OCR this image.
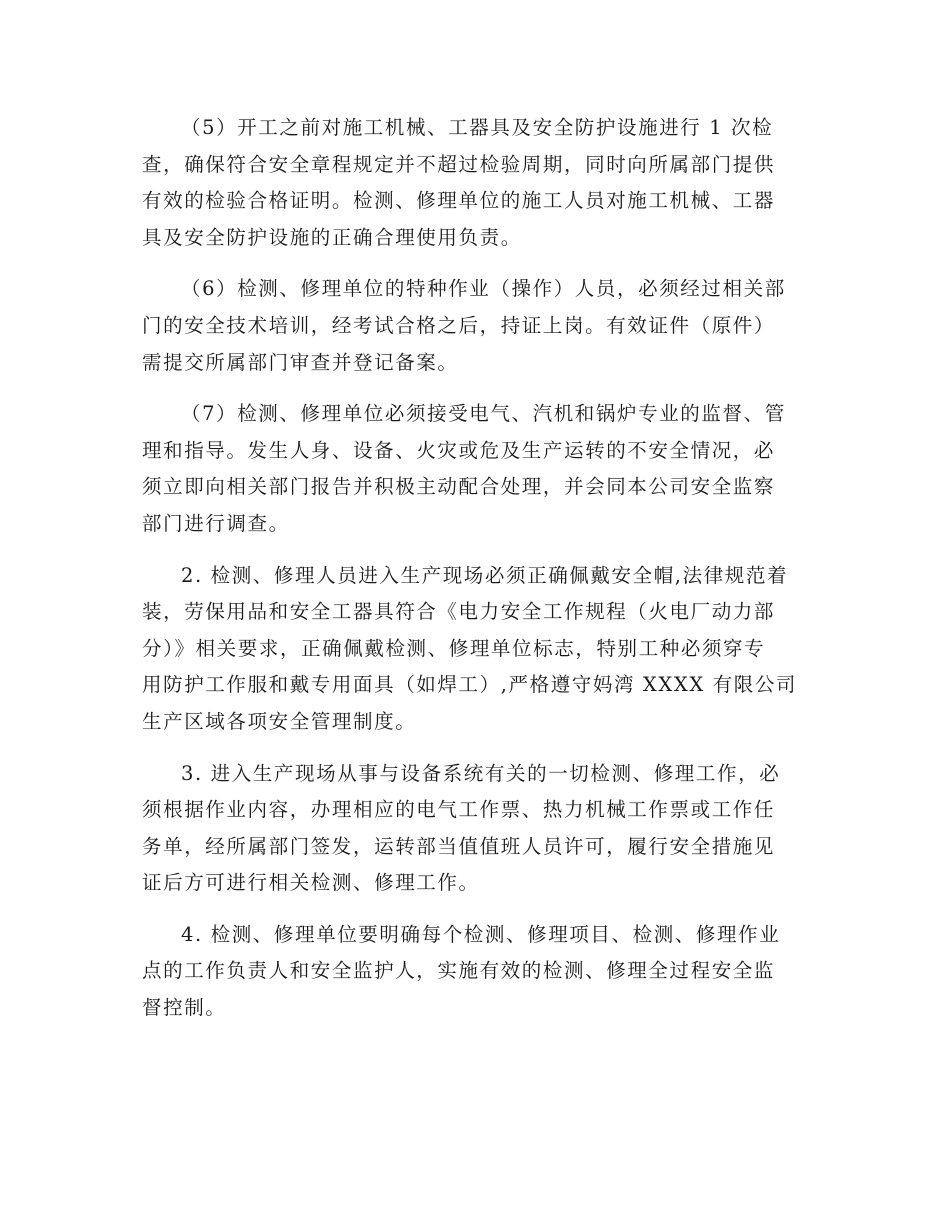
（5）开工之前对施工机械、工器具及安全防护设施进行 1 次检
查，确保符合安全章程规定并不超过检验周期，同时向所属部门提供
有效的检验合格证明。检测、修理单位的施工人员对施工机械、工器
具及安全防护设施的正确合理使用负责。

（6）检测、修理单位的特种作业（操作）人员，必须经过相关部
门的安全技术培训，经考试合格之后，持证上岗。有效证件（原件）
需提交所属部门审查并登记备案。

（7）检测、修理单位必须接受电气、汽机和锅炉专业的监督、管
理和指导。发生人身、设备、火灾或危及生产运转的不安全情况，必
须立即向相关部门报告并积极主动配合处理，并会同本公司安全监察
部门进行调查。

2. 检测、修理人员进入生产现场必须正确佩戴安全帽,法律规范着
装，劳保用品和安全工器具符合《电力安全工作规程（火电厂动力部
分）》相关要求，正确佩戴检测、修理单位标志，特别工种必须穿专
用防护工作服和戴专用面具（如焊工）,严格遵守妈湾 XXXX 有限公司
生产区域各项安全管理制度。

3. 进入生产现场从事与设备系统有关的一切检测、修理工作，必
须根据作业内容，办理相应的电气工作票、热力机械工作票或工作任
务单，经所属部门签发，运转部当值值班人员许可，履行安全措施见
证后方可进行相关检测、修理工作。

4. 检测、修理单位要明确每个检测、修理项目、检测、修理作业
点的工作负责人和安全监护人，实施有效的检测、修理全过程安全监
督控制。
